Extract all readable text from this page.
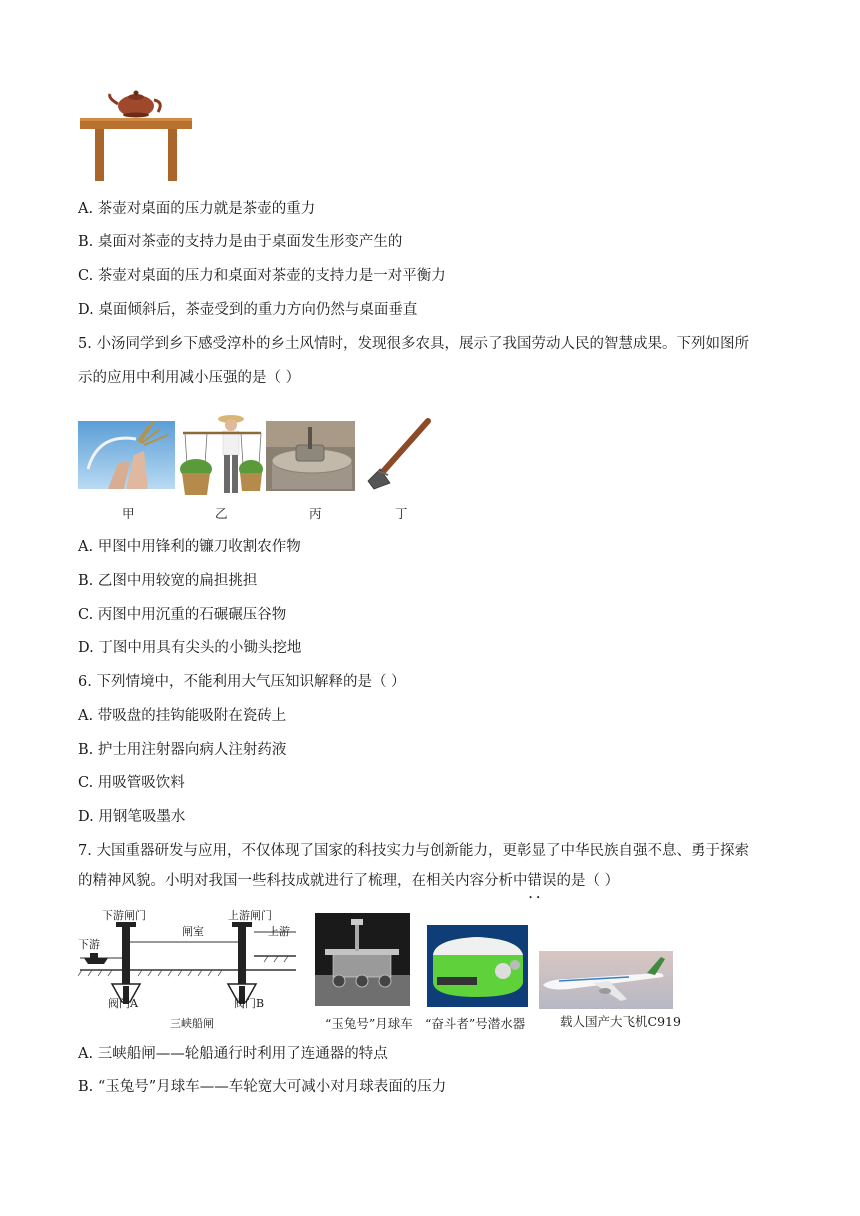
A. 茶壶对桌面的压力就是茶壶的重力
B. 桌面对茶壶的支持力是由于桌面发生形变产生的
C. 茶壶对桌面的压力和桌面对茶壶的支持力是一对平衡力
D. 桌面倾斜后，茶壶受到的重力方向仍然与桌面垂直
5. 小汤同学到乡下感受淳朴的乡土风情时，发现很多农具，展示了我国劳动人民的智慧成果。下列如图所
示的应用中利用减小压强的是（ ）
甲	乙	丙	丁
A. 甲图中用锋利的镰刀收割农作物
B. 乙图中用较宽的扁担挑担
C. 丙图中用沉重的石碾碾压谷物
D. 丁图中用具有尖头的小锄头挖地
6. 下列情境中，不能利用大气压知识解释的是（ ）
A. 带吸盘的挂钩能吸附在瓷砖上
B. 护士用注射器向病人注射药液
C. 用吸管吸饮料
D. 用钢笔吸墨水
7. 大国重器研发与应用，不仅体现了国家的科技实力与创新能力，更彰显了中华民族自强不息、勇于探索
的精神风貌。小明对我国一些科技成就进行了梳理，在相关内容分析中错误 • •的是（ ）
下游闸门	上游闸门
下游
上游
闸室
阀门A	阀门B
三峡船闸	“玉兔号”月球车 “奋斗者”号潜水器	载人国产大飞机C919
A. 三峡船闸——轮船通行时利用了连通器的特点
B. “玉兔号”月球车——车轮宽大可减小对月球表面的压力
